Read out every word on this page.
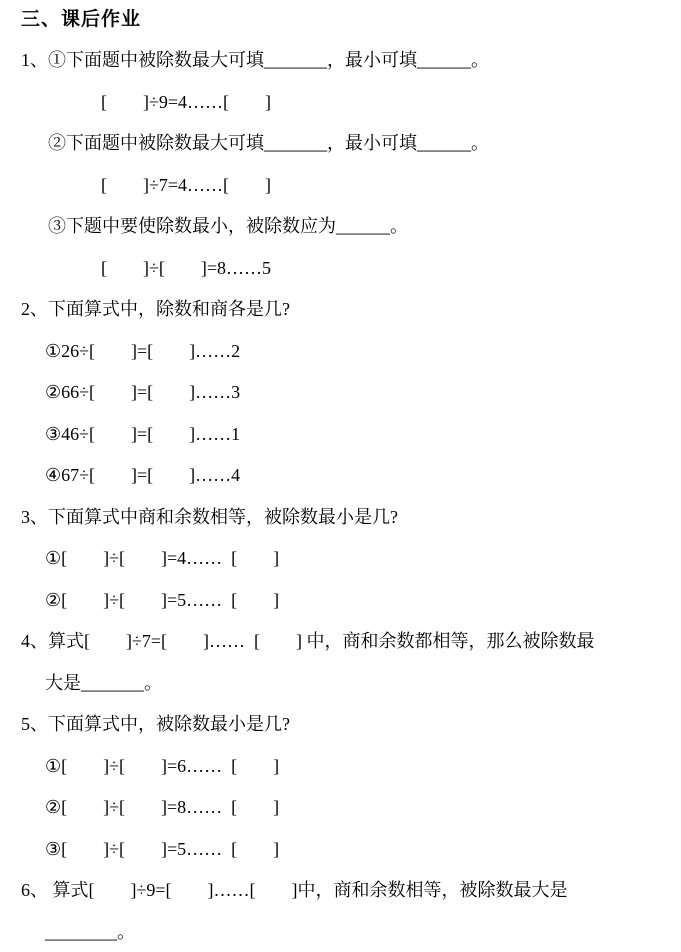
三、课后作业
1、①下面题中被除数最大可填_______，最小可填______。
[　　]÷9=4……[　　]
②下面题中被除数最大可填_______，最小可填______。
[　　]÷7=4……[　　]
③下题中要使除数最小，被除数应为______。
[　　]÷[　　]=8……5
2、下面算式中，除数和商各是几?
①26÷[　　]=[　　]……2
②66÷[　　]=[　　]……3
③46÷[　　]=[　　]……1
④67÷[　　]=[　　]……4
3、下面算式中商和余数相等，被除数最小是几?
①[　　]÷[　　]=4……  [　　]
②[　　]÷[　　]=5……  [　　]
4、算式[　　]÷7=[　　]……  [　　] 中，商和余数都相等，那么被除数最
大是_______。
5、下面算式中，被除数最小是几?
①[　　]÷[　　]=6……  [　　]
②[　　]÷[　　]=8……  [　　]
③[　　]÷[　　]=5……  [　　]
6、 算式[　　]÷9=[　　]……[　　]中，商和余数相等，被除数最大是
________。
